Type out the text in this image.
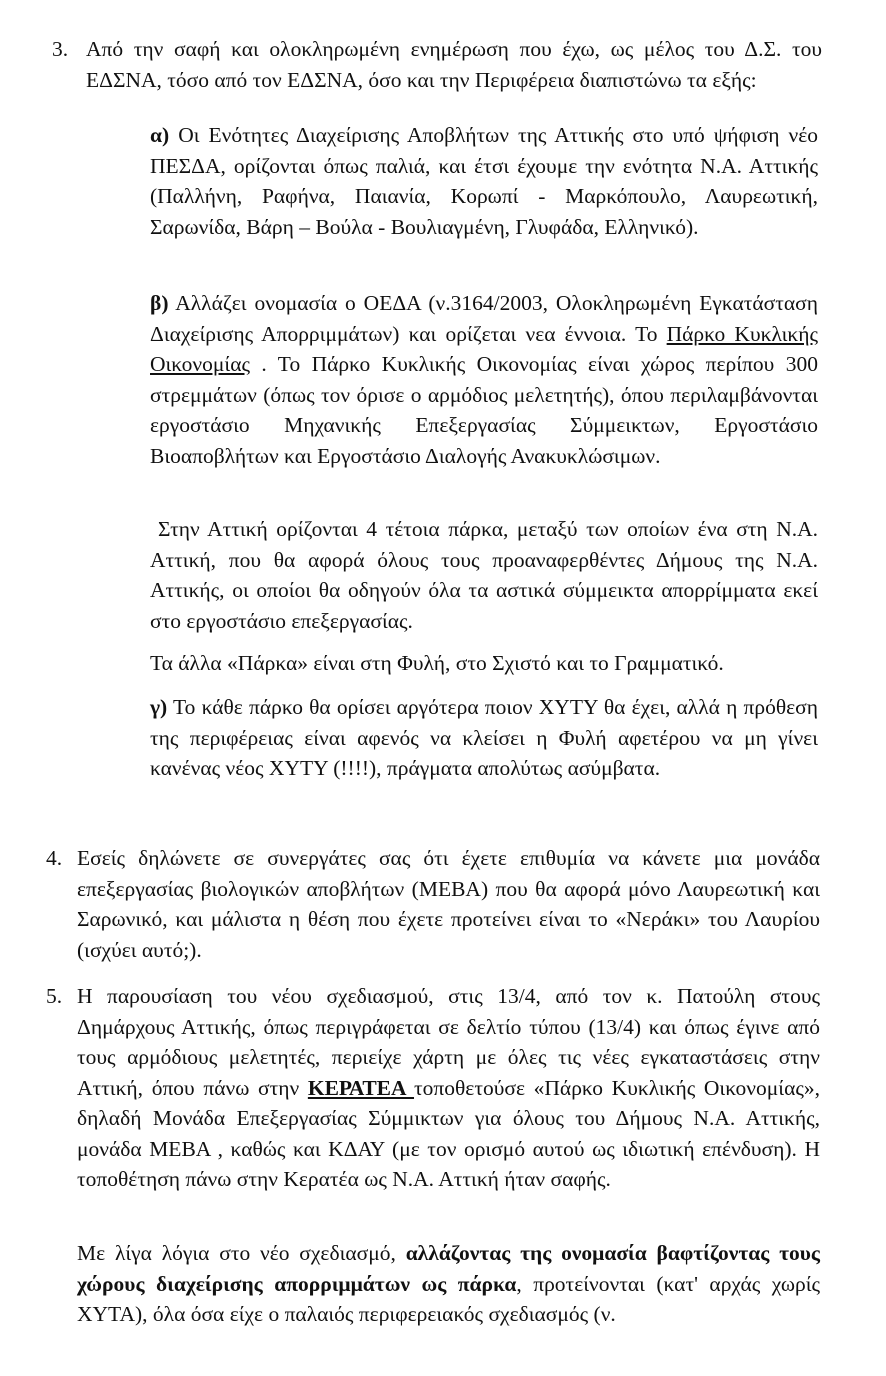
3. Από την σαφή και ολοκληρωμένη ενημέρωση που έχω, ως μέλος του Δ.Σ. του ΕΔΣΝΑ, τόσο από τον ΕΔΣΝΑ, όσο και την Περιφέρεια διαπιστώνω τα εξής:

α) Οι Ενότητες Διαχείρισης Αποβλήτων της Αττικής στο υπό ψήφιση νέο ΠΕΣΔΑ, ορίζονται όπως παλιά, και έτσι έχουμε την ενότητα Ν.Α. Αττικής (Παλλήνη, Ραφήνα, Παιανία, Κορωπί - Μαρκόπουλο, Λαυρεωτική, Σαρωνίδα, Βάρη – Βούλα - Βουλιαγμένη, Γλυφάδα, Ελληνικό).

β) Αλλάζει ονομασία ο ΟΕΔΑ (ν.3164/2003, Ολοκληρωμένη Εγκατάσταση Διαχείρισης Απορριμμάτων) και ορίζεται νεα έννοια. Το Πάρκο Κυκλικής Οικονομίας . Το Πάρκο Κυκλικής Οικονομίας είναι χώρος περίπου 300 στρεμμάτων (όπως τον όρισε ο αρμόδιος μελετητής), όπου περιλαμβάνονται εργοστάσιο Μηχανικής Επεξεργασίας Σύμμεικτων, Εργοστάσιο Βιοαποβλήτων και Εργοστάσιο Διαλογής Ανακυκλώσιμων.

Στην Αττική ορίζονται 4 τέτοια πάρκα, μεταξύ των οποίων ένα στη Ν.Α. Αττική, που θα αφορά όλους τους προαναφερθέντες Δήμους της Ν.Α. Αττικής, οι οποίοι θα οδηγούν όλα τα αστικά σύμμεικτα απορρίμματα εκεί στο εργοστάσιο επεξεργασίας.

Τα άλλα «Πάρκα» είναι στη Φυλή, στο Σχιστό και το Γραμματικό.

γ) Το κάθε πάρκο θα ορίσει αργότερα ποιον ΧΥΤΥ θα έχει, αλλά η πρόθεση της περιφέρειας είναι αφενός να κλείσει η Φυλή αφετέρου να μη γίνει κανένας νέος ΧΥΤΥ (!!!!), πράγματα απολύτως ασύμβατα.

4. Εσείς δηλώνετε σε συνεργάτες σας ότι έχετε επιθυμία να κάνετε μια μονάδα επεξεργασίας βιολογικών αποβλήτων (ΜΕΒΑ) που θα αφορά μόνο Λαυρεωτική και Σαρωνικό, και μάλιστα η θέση που έχετε προτείνει είναι το «Νεράκι» του Λαυρίου (ισχύει αυτό;).

5. Η παρουσίαση του νέου σχεδιασμού, στις 13/4, από τον κ. Πατούλη στους Δημάρχους Αττικής, όπως περιγράφεται σε δελτίο τύπου (13/4) και όπως έγινε από τους αρμόδιους μελετητές, περιείχε χάρτη με όλες τις νέες εγκαταστάσεις στην Αττική, όπου πάνω στην ΚΕΡΑΤΕΑ τοποθετούσε «Πάρκο Κυκλικής Οικονομίας», δηλαδή Μονάδα Επεξεργασίας Σύμμικτων για όλους του Δήμους Ν.Α. Αττικής, μονάδα ΜΕΒΑ , καθώς και ΚΔΑΥ (με τον ορισμό αυτού ως ιδιωτική επένδυση). Η τοποθέτηση πάνω στην Κερατέα ως Ν.Α. Αττική ήταν σαφής.

Με λίγα λόγια στο νέο σχεδιασμό, αλλάζοντας της ονομασία βαφτίζοντας τους χώρους διαχείρισης απορριμμάτων ως πάρκα, προτείνονται (κατ' αρχάς χωρίς ΧΥΤΑ), όλα όσα είχε ο παλαιός περιφερειακός σχεδιασμός (ν.
